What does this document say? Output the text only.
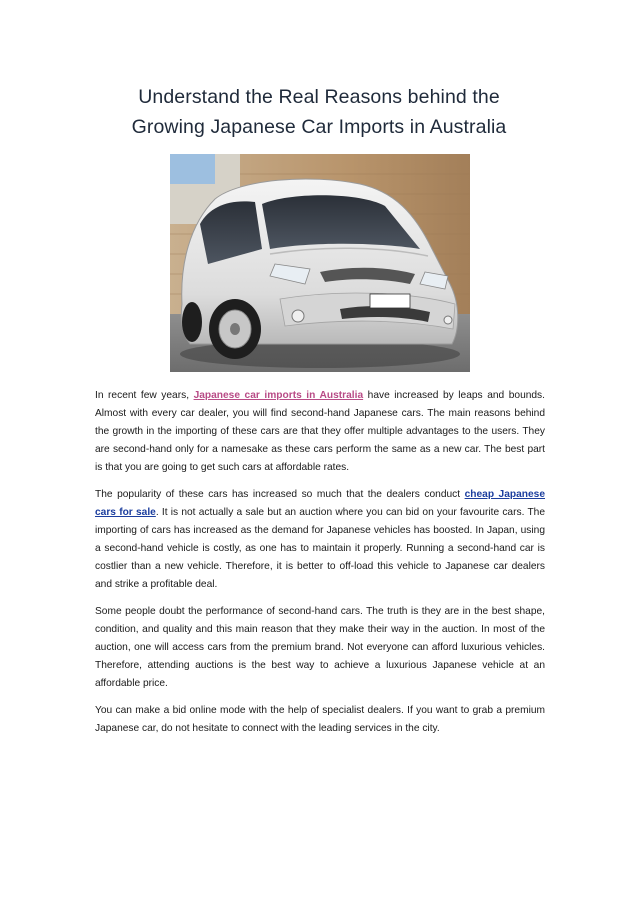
Understand the Real Reasons behind the
Growing Japanese Car Imports in Australia

In recent few years, Japanese car imports in Australia have increased by leaps and bounds. Almost with every car dealer, you will find second-hand Japanese cars. The main reasons behind the growth in the importing of these cars are that they offer multiple advantages to the users. They are second-hand only for a namesake as these cars perform the same as a new car. The best part is that you are going to get such cars at affordable rates.

The popularity of these cars has increased so much that the dealers conduct cheap Japanese cars for sale. It is not actually a sale but an auction where you can bid on your favourite cars. The importing of cars has increased as the demand for Japanese vehicles has boosted. In Japan, using a second-hand vehicle is costly, as one has to maintain it properly. Running a second-hand car is costlier than a new vehicle. Therefore, it is better to off-load this vehicle to Japanese car dealers and strike a profitable deal.

Some people doubt the performance of second-hand cars. The truth is they are in the best shape, condition, and quality and this main reason that they make their way in the auction. In most of the auction, one will access cars from the premium brand. Not everyone can afford luxurious vehicles. Therefore, attending auctions is the best way to achieve a luxurious Japanese vehicle at an affordable price.

You can make a bid online mode with the help of specialist dealers. If you want to grab a premium Japanese car, do not hesitate to connect with the leading services in the city.
